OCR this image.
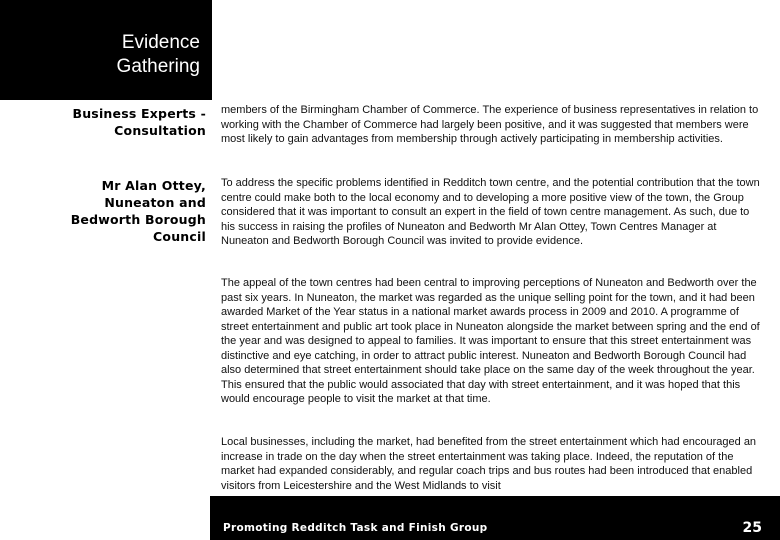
Evidence
Gathering
Business Experts -
Consultation
Mr Alan Ottey,
Nuneaton and
Bedworth Borough
Council
members of the Birmingham Chamber of Commerce. The experience of business representatives in relation to working with the Chamber of Commerce had largely been positive, and it was suggested that members were most likely to gain advantages from membership through actively participating in membership activities.
To address the specific problems identified in Redditch town centre, and the potential contribution that the town centre could make both to the local economy and to developing a more positive view of the town, the Group considered that it was important to consult an expert in the field of town centre management. As such, due to his success in raising the profiles of Nuneaton and Bedworth Mr Alan Ottey, Town Centres Manager at Nuneaton and Bedworth Borough Council was invited to provide evidence.
The appeal of the town centres had been central to improving perceptions of Nuneaton and Bedworth over the past six years. In Nuneaton, the market was regarded as the unique selling point for the town, and it had been awarded Market of the Year status in a national market awards process in 2009 and 2010. A programme of street entertainment and public art took place in Nuneaton alongside the market between spring and the end of the year and was designed to appeal to families. It was important to ensure that this street entertainment was distinctive and eye catching, in order to attract public interest. Nuneaton and Bedworth Borough Council had also determined that street entertainment should take place on the same day of the week throughout the year. This ensured that the public would associated that day with street entertainment, and it was hoped that this would encourage people to visit the market at that time.
Local businesses, including the market, had benefited from the street entertainment which had encouraged an increase in trade on the day when the street entertainment was taking place. Indeed, the reputation of the market had expanded considerably, and regular coach trips and bus routes had been introduced that enabled visitors from Leicestershire and the West Midlands to visit
Promoting Redditch Task and Finish Group	25
